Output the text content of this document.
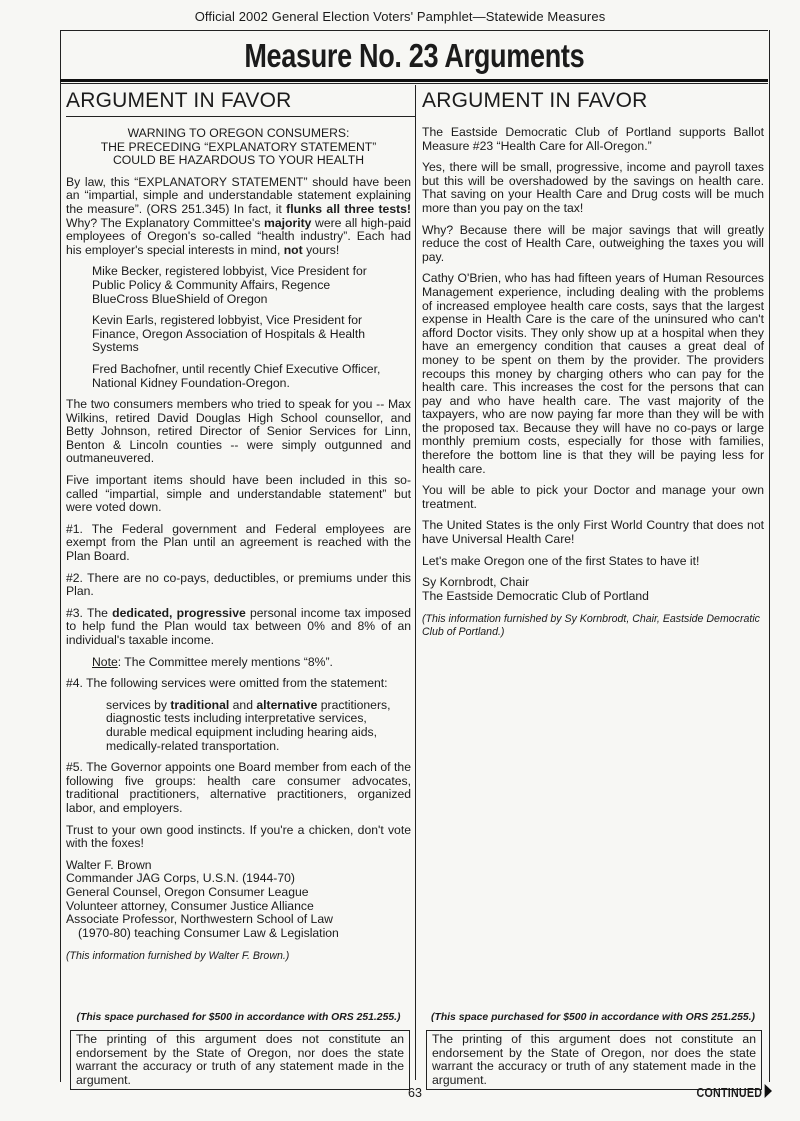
Official 2002 General Election Voters' Pamphlet—Statewide Measures
Measure No. 23 Arguments
ARGUMENT IN FAVOR
WARNING TO OREGON CONSUMERS:
THE PRECEDING “EXPLANATORY STATEMENT”
COULD BE HAZARDOUS TO YOUR HEALTH

By law, this “EXPLANATORY STATEMENT” should have been an “impartial, simple and understandable statement explaining the measure”. (ORS 251.345) In fact, it flunks all three tests! Why? The Explanatory Committee's majority were all high-paid employees of Oregon's so-called “health industry”. Each had his employer's special interests in mind, not yours!

Mike Becker, registered lobbyist, Vice President for Public Policy & Community Affairs, Regence BlueCross BlueShield of Oregon

Kevin Earls, registered lobbyist, Vice President for Finance, Oregon Association of Hospitals & Health Systems

Fred Bachofner, until recently Chief Executive Officer, National Kidney Foundation-Oregon.

The two consumers members who tried to speak for you -- Max Wilkins, retired David Douglas High School counsellor, and Betty Johnson, retired Director of Senior Services for Linn, Benton & Lincoln counties -- were simply outgunned and outmaneuvered.

Five important items should have been included in this so-called “impartial, simple and understandable statement” but were voted down.

#1. The Federal government and Federal employees are exempt from the Plan until an agreement is reached with the Plan Board.

#2. There are no co-pays, deductibles, or premiums under this Plan.

#3. The dedicated, progressive personal income tax imposed to help fund the Plan would tax between 0% and 8% of an individual's taxable income.

Note: The Committee merely mentions “8%”.

#4. The following services were omitted from the statement:

services by traditional and alternative practitioners,
diagnostic tests including interpretative services,
durable medical equipment including hearing aids,
medically-related transportation.

#5. The Governor appoints one Board member from each of the following five groups: health care consumer advocates, traditional practitioners, alternative practitioners, organized labor, and employers.

Trust to your own good instincts. If you're a chicken, don't vote with the foxes!

Walter F. Brown
Commander JAG Corps, U.S.N. (1944-70)
General Counsel, Oregon Consumer League
Volunteer attorney, Consumer Justice Alliance
Associate Professor, Northwestern School of Law
(1970-80) teaching Consumer Law & Legislation
(This information furnished by Walter F. Brown.)
ARGUMENT IN FAVOR

The Eastside Democratic Club of Portland supports Ballot Measure #23 “Health Care for All-Oregon.”

Yes, there will be small, progressive, income and payroll taxes but this will be overshadowed by the savings on health care. That saving on your Health Care and Drug costs will be much more than you pay on the tax!

Why? Because there will be major savings that will greatly reduce the cost of Health Care, outweighing the taxes you will pay.

Cathy O'Brien, who has had fifteen years of Human Resources Management experience, including dealing with the problems of increased employee health care costs, says that the largest expense in Health Care is the care of the uninsured who can't afford Doctor visits. They only show up at a hospital when they have an emergency condition that causes a great deal of money to be spent on them by the provider. The providers recoups this money by charging others who can pay for the health care. This increases the cost for the persons that can pay and who have health care. The vast majority of the taxpayers, who are now paying far more than they will be with the proposed tax. Because they will have no co-pays or large monthly premium costs, especially for those with families, therefore the bottom line is that they will be paying less for health care.

You will be able to pick your Doctor and manage your own treatment.

The United States is the only First World Country that does not have Universal Health Care!

Let's make Oregon one of the first States to have it!

Sy Kornbrodt, Chair
The Eastside Democratic Club of Portland
(This information furnished by Sy Kornbrodt, Chair, Eastside Democratic Club of Portland.)
(This space purchased for $500 in accordance with ORS 251.255.)	(This space purchased for $500 in accordance with ORS 251.255.)
The printing of this argument does not constitute an endorsement by the State of Oregon, nor does the state warrant the accuracy or truth of any statement made in the argument.
The printing of this argument does not constitute an endorsement by the State of Oregon, nor does the state warrant the accuracy or truth of any statement made in the argument.
63	CONTINUED
